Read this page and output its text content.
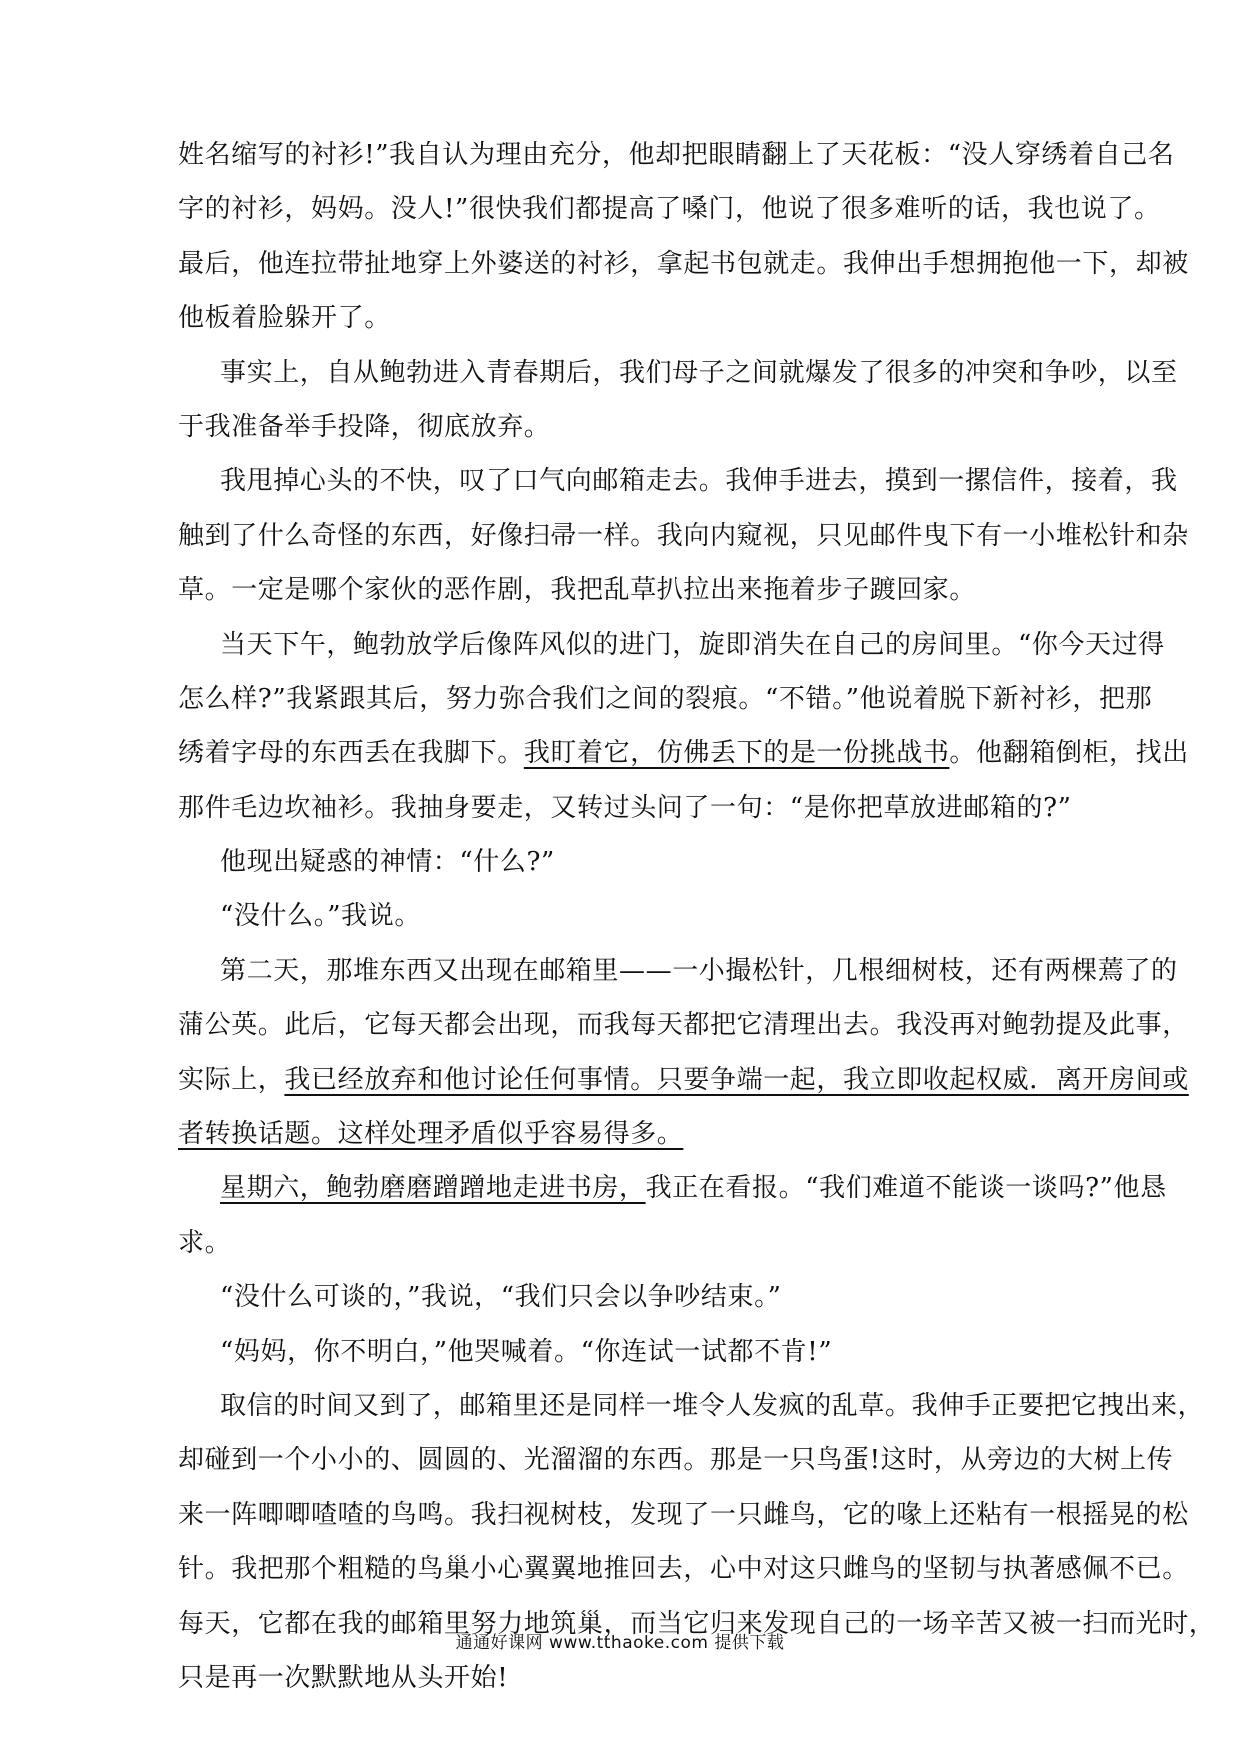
姓名缩写的衬衫!”我自认为理由充分，他却把眼睛翻上了天花板：“没人穿绣着自己名
字的衬衫，妈妈。没人!”很快我们都提高了嗓门，他说了很多难听的话，我也说了。
最后，他连拉带扯地穿上外婆送的衬衫，拿起书包就走。我伸出手想拥抱他一下，却被
他板着脸躲开了。
事实上，自从鲍勃进入青春期后，我们母子之间就爆发了很多的冲突和争吵，以至
于我准备举手投降，彻底放弃。
我甩掉心头的不快，叹了口气向邮箱走去。我伸手进去，摸到一摞信件，接着，我
触到了什么奇怪的东西，好像扫帚一样。我向内窥视，只见邮件曳下有一小堆松针和杂
草。一定是哪个家伙的恶作剧，我把乱草扒拉出来拖着步子踱回家。
当天下午，鲍勃放学后像阵风似的进门，旋即消失在自己的房间里。“你今天过得
怎么样?”我紧跟其后，努力弥合我们之间的裂痕。“不错。”他说着脱下新衬衫，把那
绣着字母的东西丢在我脚下。我盯着它，仿佛丢下的是一份挑战书。他翻箱倒柜，找出
那件毛边坎袖衫。我抽身要走，又转过头问了一句：“是你把草放进邮箱的?”
他现出疑惑的神情：“什么?”
“没什么。”我说。
第二天，那堆东西又出现在邮箱里——一小撮松针，几根细树枝，还有两棵蔫了的
蒲公英。此后，它每天都会出现，而我每天都把它清理出去。我没再对鲍勃提及此事，
实际上，我已经放弃和他讨论任何事情。只要争端一起，我立即收起权威．离开房间或
者转换话题。这样处理矛盾似乎容易得多。
星期六，鲍勃磨磨蹭蹭地走进书房，我正在看报。“我们难道不能谈一谈吗?”他恳
求。
“没什么可谈的，”我说，“我们只会以争吵结束。”
“妈妈，你不明白，”他哭喊着。“你连试一试都不肯!”
取信的时间又到了，邮箱里还是同样一堆令人发疯的乱草。我伸手正要把它拽出来，
却碰到一个小小的、圆圆的、光溜溜的东西。那是一只鸟蛋!这时，从旁边的大树上传
来一阵唧唧喳喳的鸟鸣。我扫视树枝，发现了一只雌鸟，它的喙上还粘有一根摇晃的松
针。我把那个粗糙的鸟巢小心翼翼地推回去，心中对这只雌鸟的坚韧与执著感佩不已。
每天，它都在我的邮箱里努力地筑巢，而当它归来发现自己的一场辛苦又被一扫而光时，
只是再一次默默地从头开始!
通通好课网 www.tthaoke.com 提供下载
